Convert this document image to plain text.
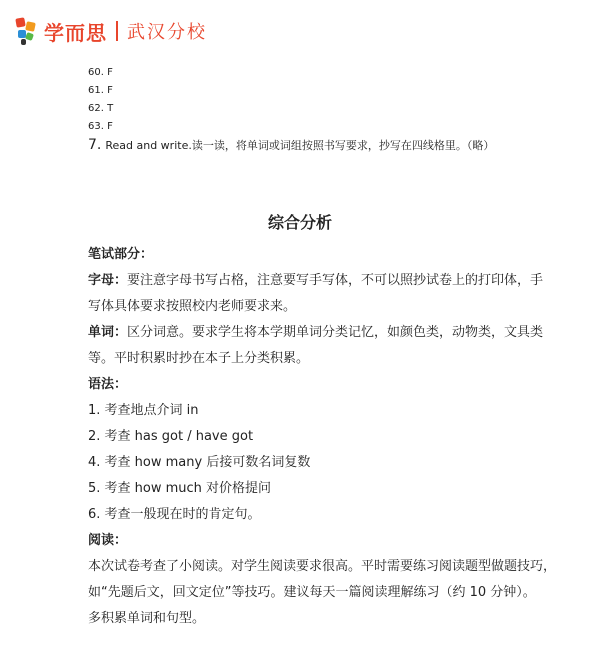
学而思 武汉分校
60. F
61. F
62. T
63. F
7. Read and write.读一读，将单词或词组按照书写要求，抄写在四线格里。（略）
综合分析
笔试部分：
字母：要注意字母书写占格，注意要写手写体，不可以照抄试卷上的打印体，手
写体具体要求按照校内老师要求来。
单词：区分词意。要求学生将本学期单词分类记忆，如颜色类，动物类，文具类
等。平时积累时抄在本子上分类积累。
语法：
1. 考查地点介词 in
2. 考查 has got / have got
4. 考查 how many 后接可数名词复数
5. 考查 how much 对价格提问
6. 考查一般现在时的肯定句。
阅读：
本次试卷考查了小阅读。对学生阅读要求很高。平时需要练习阅读题型做题技巧，
如“先题后文，回文定位”等技巧。建议每天一篇阅读理解练习（约 10 分钟）。
多积累单词和句型。
